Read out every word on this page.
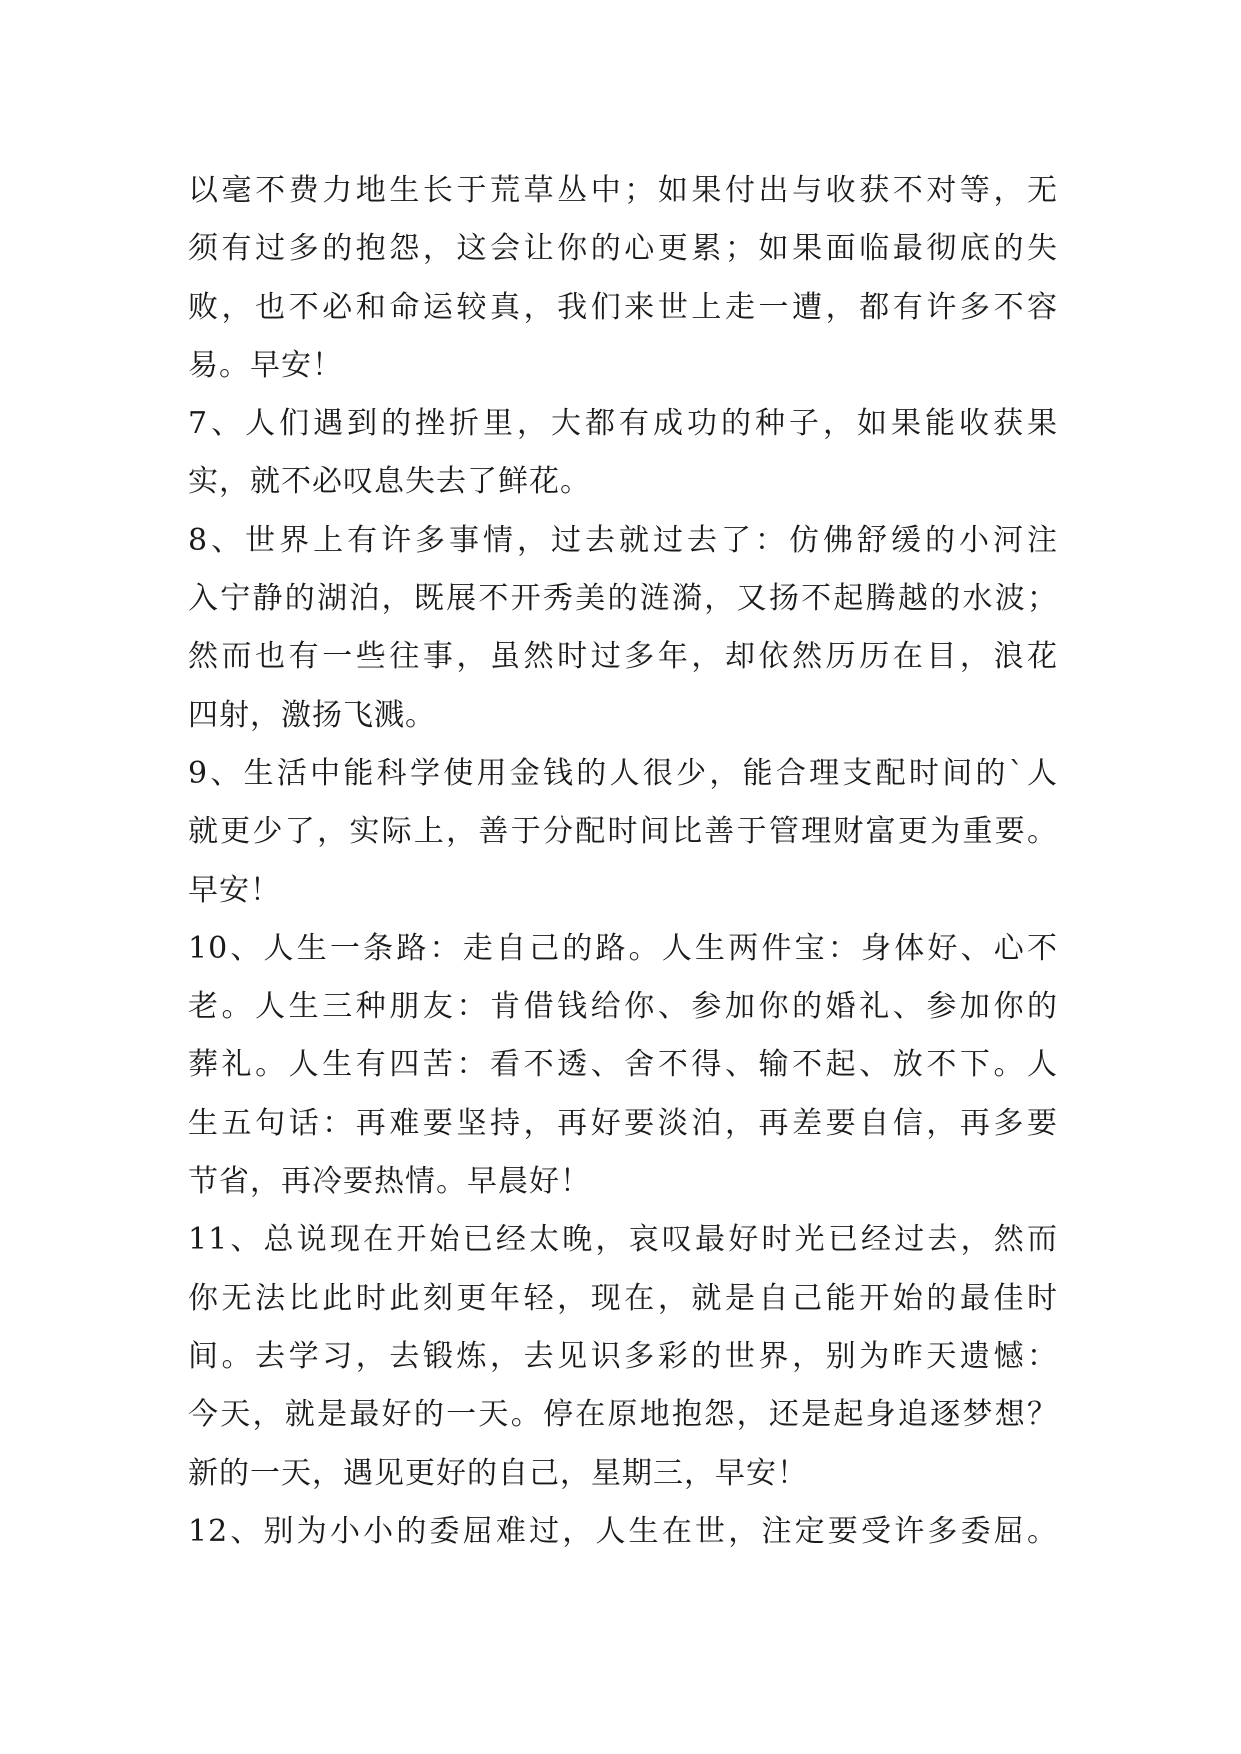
以毫不费力地生长于荒草丛中；如果付出与收获不对等，无
须有过多的抱怨，这会让你的心更累；如果面临最彻底的失
败，也不必和命运较真，我们来世上走一遭，都有许多不容
易。早安！
7、人们遇到的挫折里，大都有成功的种子，如果能收获果
实，就不必叹息失去了鲜花。
8、世界上有许多事情，过去就过去了：仿佛舒缓的小河注
入宁静的湖泊，既展不开秀美的涟漪，又扬不起腾越的水波；
然而也有一些往事，虽然时过多年，却依然历历在目，浪花
四射，激扬飞溅。
9、生活中能科学使用金钱的人很少，能合理支配时间的`人
就更少了，实际上，善于分配时间比善于管理财富更为重要。
早安！
10、人生一条路：走自己的路。人生两件宝：身体好、心不
老。人生三种朋友：肯借钱给你、参加你的婚礼、参加你的
葬礼。人生有四苦：看不透、舍不得、输不起、放不下。人
生五句话：再难要坚持，再好要淡泊，再差要自信，再多要
节省，再冷要热情。早晨好！
11、总说现在开始已经太晚，哀叹最好时光已经过去，然而
你无法比此时此刻更年轻，现在，就是自己能开始的最佳时
间。去学习，去锻炼，去见识多彩的世界，别为昨天遗憾：
今天，就是最好的一天。停在原地抱怨，还是起身追逐梦想？
新的一天，遇见更好的自己，星期三，早安！
12、别为小小的委屈难过，人生在世，注定要受许多委屈。
